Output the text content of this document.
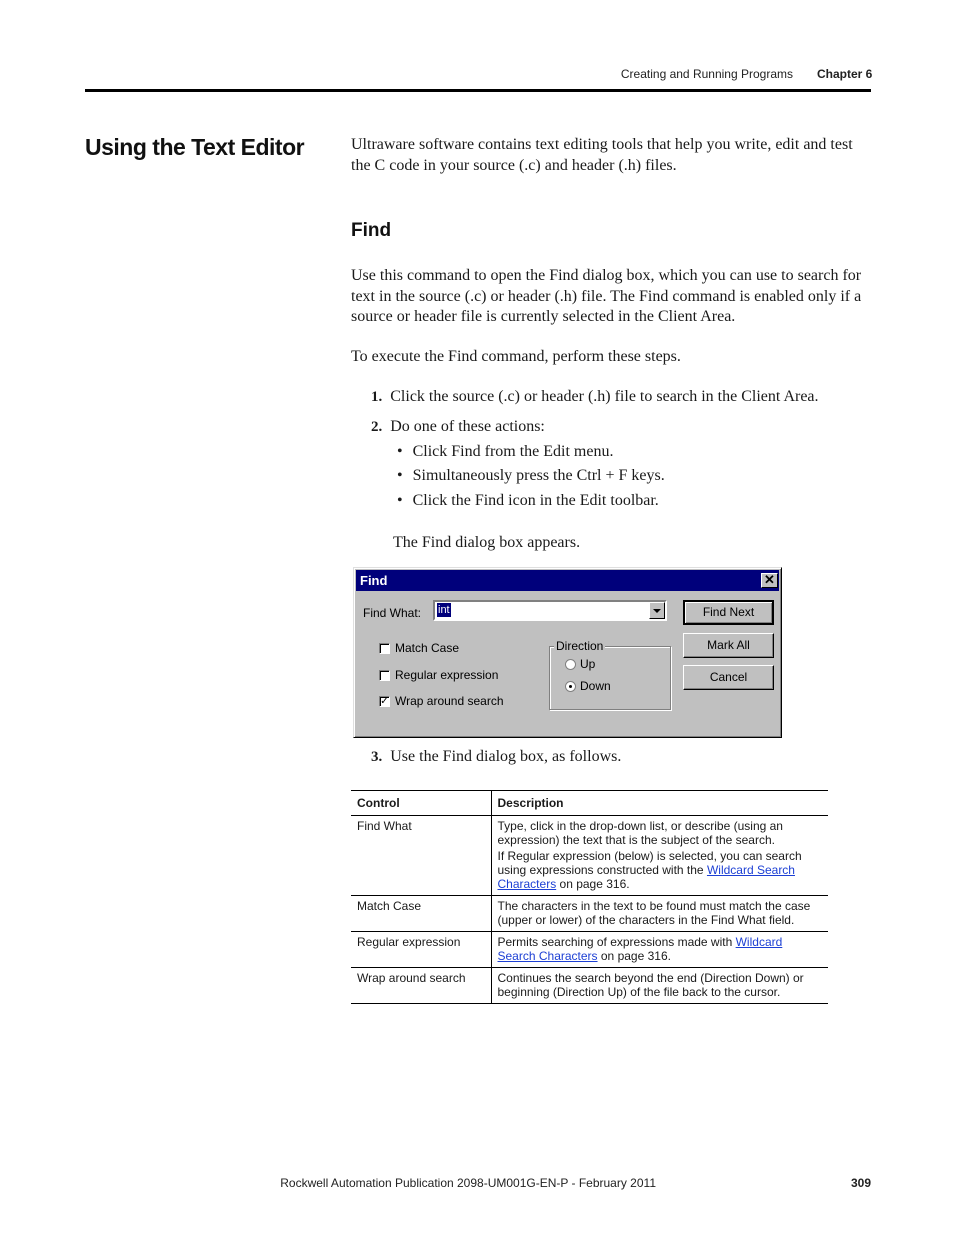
Creating and Running Programs Chapter 6
Using the Text Editor	Ultraware software contains text editing tools that help you write, edit and test the C code in your source (.c) and header (.h) files.
Find
Use this command to open the Find dialog box, which you can use to search for text in the source (.c) or header (.h) file. The Find command is enabled only if a source or header file is currently selected in the Client Area.
To execute the Find command, perform these steps.
1. Click the source (.c) or header (.h) file to search in the Client Area.
2. Do one of these actions:
• Click Find from the Edit menu.
• Simultaneously press the Ctrl + F keys.
• Click the Find icon in the Edit toolbar.
The Find dialog box appears.
Find	✕
Find What: int
Match Case
Regular expression
✓ Wrap around search
Direction
Up
Down
Find Next
Mark All
Cancel
3. Use the Find dialog box, as follows.
Control	Description
Find What	Type, click in the drop-down list, or describe (using an expression) the text that is the subject of the search.
If Regular expression (below) is selected, you can search using expressions constructed with the Wildcard Search Characters on page 316.

Match Case	The characters in the text to be found must match the case (upper or lower) of the characters in the Find What field.
Regular expression	Permits searching of expressions made with Wildcard Search Characters on page 316.
Wrap around search	Continues the search beyond the end (Direction Down) or beginning (Direction Up) of the file back to the cursor.
Rockwell Automation Publication 2098-UM001G-EN-P - February 2011	309
